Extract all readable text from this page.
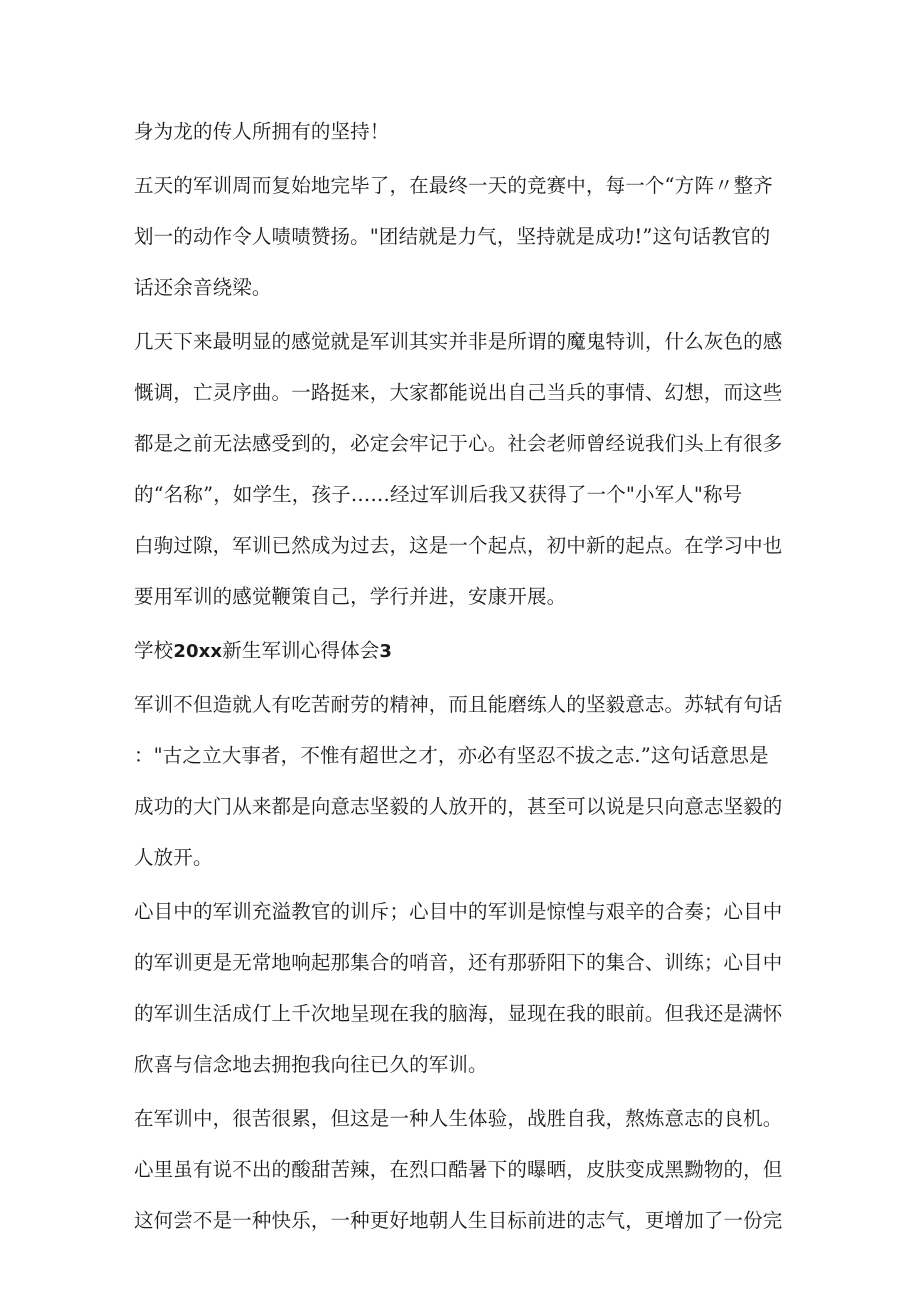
身为龙的传人所拥有的坚持！
五天的军训周而复始地完毕了，在最终一天的竞赛中，每一个“方阵〃整齐
划一的动作令人啧啧赞扬。"团结就是力气，坚持就是成功!”这句话教官的
话还余音绕梁。
几天下来最明显的感觉就是军训其实并非是所谓的魔鬼特训，什么灰色的感
慨调，亡灵序曲。一路挺来，大家都能说出自己当兵的事情、幻想，而这些
都是之前无法感受到的，必定会牢记于心。社会老师曾经说我们头上有很多
的“名称”，如学生，孩子……经过军训后我又获得了一个"小军人"称号
白驹过隙，军训已然成为过去，这是一个起点，初中新的起点。在学习中也
要用军训的感觉鞭策自己，学行并进，安康开展。
学校20xx新生军训心得体会3
军训不但造就人有吃苦耐劳的精神，而且能磨练人的坚毅意志。苏轼有句话
："古之立大事者，不惟有超世之才，亦必有坚忍不拔之志.”这句话意思是
成功的大门从来都是向意志坚毅的人放开的，甚至可以说是只向意志坚毅的
人放开。
心目中的军训充溢教官的训斥；心目中的军训是惊惶与艰辛的合奏；心目中
的军训更是无常地响起那集合的哨音，还有那骄阳下的集合、训练；心目中
的军训生活成仃上千次地呈现在我的脑海，显现在我的眼前。但我还是满怀
欣喜与信念地去拥抱我向往已久的军训。
在军训中，很苦很累，但这是一种人生体验，战胜自我，熬炼意志的良机。
心里虽有说不出的酸甜苦辣，在烈口酷暑下的曝晒，皮肤变成黑黝物的，但
这何尝不是一种快乐，一种更好地朝人生目标前进的志气，更增加了一份完
